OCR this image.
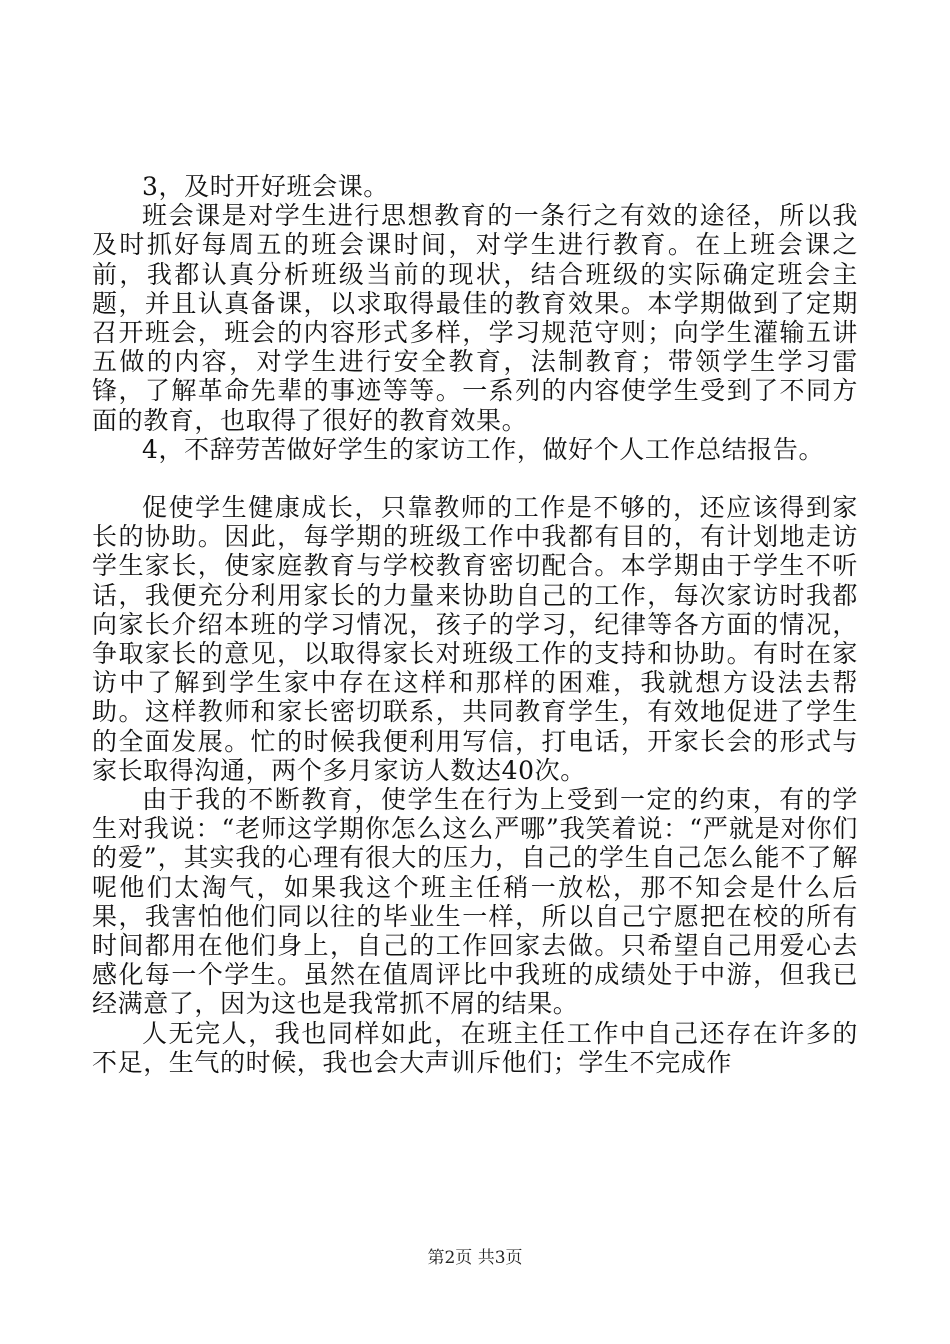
3，及时开好班会课。

班会课是对学生进行思想教育的一条行之有效的途径，所以我及时抓好每周五的班会课时间，对学生进行教育。在上班会课之前，我都认真分析班级当前的现状，结合班级的实际确定班会主题，并且认真备课，以求取得最佳的教育效果。本学期做到了定期召开班会，班会的内容形式多样，学习规范守则；向学生灌输五讲五做的内容，对学生进行安全教育，法制教育；带领学生学习雷锋，了解革命先辈的事迹等等。一系列的内容使学生受到了不同方面的教育，也取得了很好的教育效果。

4，不辞劳苦做好学生的家访工作，做好个人工作总结报告。

促使学生健康成长，只靠教师的工作是不够的，还应该得到家长的协助。因此，每学期的班级工作中我都有目的，有计划地走访学生家长，使家庭教育与学校教育密切配合。本学期由于学生不听话，我便充分利用家长的力量来协助自己的工作，每次家访时我都向家长介绍本班的学习情况，孩子的学习，纪律等各方面的情况，争取家长的意见，以取得家长对班级工作的支持和协助。有时在家访中了解到学生家中存在这样和那样的困难，我就想方设法去帮助。这样教师和家长密切联系，共同教育学生，有效地促进了学生的全面发展。忙的时候我便利用写信，打电话，开家长会的形式与家长取得沟通，两个多月家访人数达40次。

由于我的不断教育，使学生在行为上受到一定的约束，有的学生对我说：“老师这学期你怎么这么严哪”我笑着说：“严就是对你们的爱”，其实我的心理有很大的压力，自己的学生自己怎么能不了解呢他们太淘气，如果我这个班主任稍一放松，那不知会是什么后果，我害怕他们同以往的毕业生一样，所以自己宁愿把在校的所有时间都用在他们身上，自己的工作回家去做。只希望自己用爱心去感化每一个学生。虽然在值周评比中我班的成绩处于中游，但我已经满意了，因为这也是我常抓不屑的结果。

人无完人，我也同样如此，在班主任工作中自己还存在许多的不足，生气的时候，我也会大声训斥他们；学生不完成作

第2页 共3页
